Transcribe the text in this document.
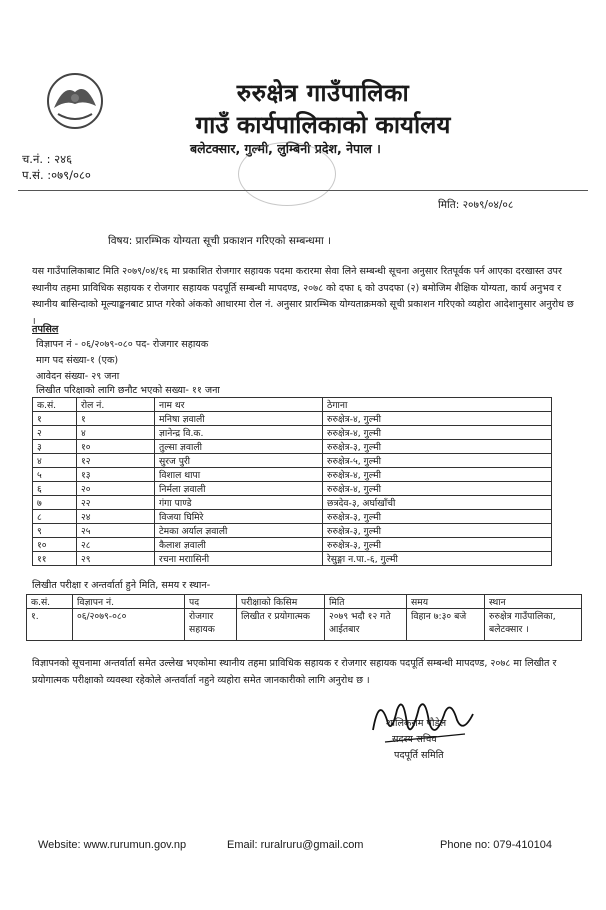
रुरुक्षेत्र गाउँपालिका
गाउँ कार्यपालिकाको कार्यालय
बलेटक्सार, गुल्मी, लुम्बिनी प्रदेश, नेपाल ।
च.नं. : २४६
प.सं. :०७९/०८०
मिति: २०७९/०४/०८
विषय: प्रारम्भिक योग्यता सूची प्रकाशन गरिएको सम्बन्धमा ।
यस गाउँपालिकाबाट मिति २०७९/०४/१६ मा प्रकाशित रोजगार सहायक पदमा करारमा सेवा लिने सम्बन्धी सूचना अनुसार रितपूर्वक पर्न आएका दरखास्त उपर स्थानीय तहमा प्राविधिक सहायक र रोजगार सहायक पदपूर्ति सम्बन्धी मापदण्ड, २०७८ को दफा ६ को उपदफा (२) बमोजिम शैक्षिक योग्यता, कार्य अनुभव र स्थानीय बासिन्दाको मूल्याङ्कनबाट प्राप्त गरेको अंकको आधारमा रोल नं. अनुसार प्रारम्भिक योग्यताक्रमको सूची प्रकाशन गरिएको व्यहोरा आदेशानुसार अनुरोध छ ।
तपसिल
विज्ञापन नं - ०६/२०७९-०८० पद- रोजगार सहायक
माग पद संख्या-१ (एक)
आवेदन संख्या- २९ जना
लिखीत परिक्षाको लागि छनौट भएको सख्या- ११ जना
क.सं.	रोल नं.	नाम थर	ठेगाना
१	१	मनिषा ज्ञवाली	रुरुक्षेत्र-४, गुल्मी
२	४	ज्ञानेन्द्र वि.क.	रुरुक्षेत्र-४, गुल्मी
३	१०	तुल्सा ज्ञवाली	रुरुक्षेत्र-३, गुल्मी
४	१२	सुरज पुरी	रुरुक्षेत्र-५, गुल्मी
५	१३	विशाल थापा	रुरुक्षेत्र-४, गुल्मी
६	२०	निर्मला ज्ञवाली	रुरुक्षेत्र-४, गुल्मी
७	२२	गंगा पाण्डे	छत्रदेव-३, अर्घाखाँची
८	२४	विजया घिमिरे	रुरुक्षेत्र-३, गुल्मी
९	२५	टेमका अर्याल ज्ञवाली	रुरुक्षेत्र-३, गुल्मी
१०	२८	कैलाश ज्ञवाली	रुरुक्षेत्र-३, गुल्मी
११	२९	रचना मराासिनी	रेसुङ्गा न.पा.-६, गुल्मी
लिखीत परीक्षा र अन्तर्वार्ता हुने मिति, समय र स्थान-
क.सं.	विज्ञापन नं.	पद	परीक्षाको किसिम	मिति	समय	स्थान
१.	०६/२०७९-०८०	रोजगार सहायक	लिखीत र प्रयोगात्मक	२०७९ भदौ १२ गते आईतबार	विहान ७:३० बजे	रुरुक्षेत्र गाउँपालिका, बलेटक्सार ।
विज्ञापनको सूचनामा अन्तर्वार्ता समेत उल्लेख भएकोमा स्थानीय तहमा प्राविधिक सहायक र रोजगार सहायक पदपूर्ति सम्बन्धी मापदण्ड, २०७८ मा लिखीत र प्रयोगात्मक परीक्षाको व्यवस्था रहेकोले अन्तर्वार्ता नहुने व्यहोरा समेत जानकारीको लागि अनुरोध छ ।
शालिकराम पौडेल
सदस्य-सचिव
पदपूर्ति समिति
Website: www.rurumun.gov.np	Email: ruralruru@gmail.com	Phone no: 079-410104
